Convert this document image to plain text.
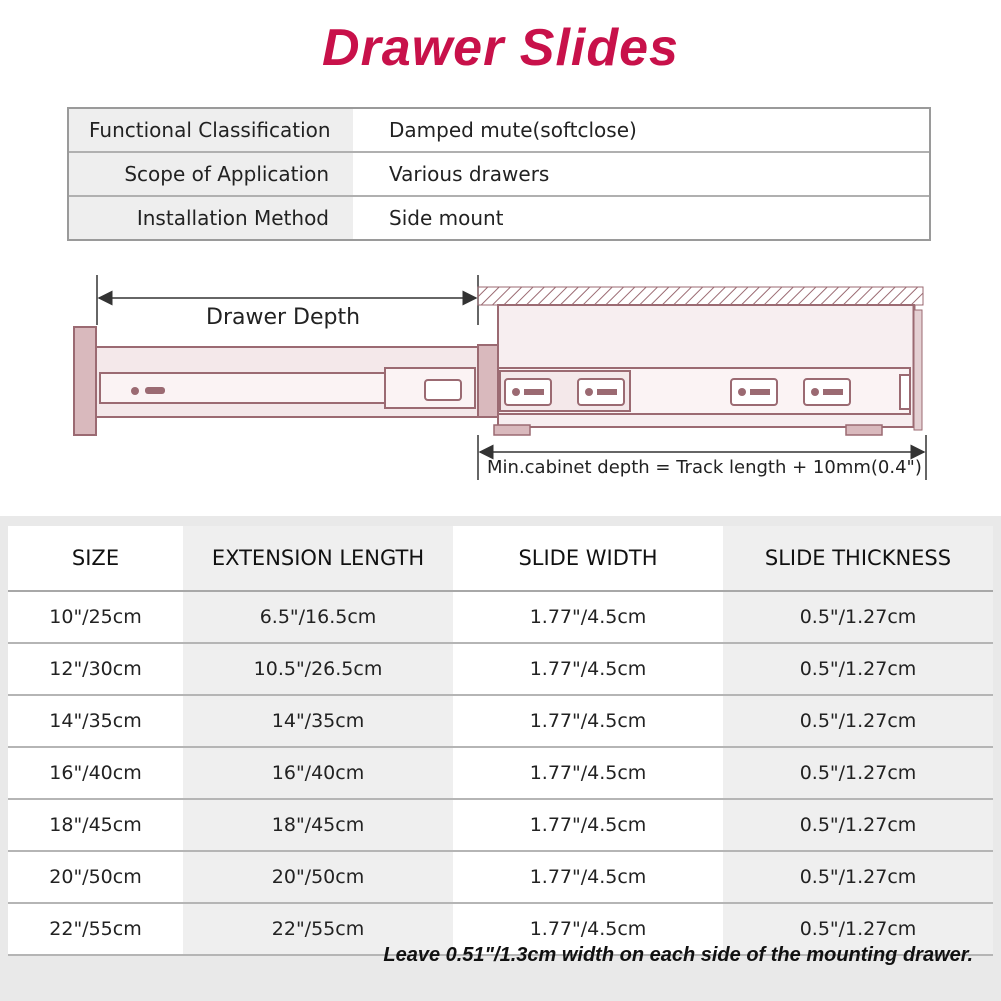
Drawer Slides
Functional Classification	Damped mute(softclose)
Scope of Application	Various drawers
Installation Method	Side mount
Drawer Depth
Min.cabinet depth = Track length + 10mm(0.4")
SIZE	EXTENSION LENGTH	SLIDE WIDTH	SLIDE THICKNESS
10"/25cm	6.5"/16.5cm	1.77"/4.5cm	0.5"/1.27cm
12"/30cm	10.5"/26.5cm	1.77"/4.5cm	0.5"/1.27cm
14"/35cm	14"/35cm	1.77"/4.5cm	0.5"/1.27cm
16"/40cm	16"/40cm	1.77"/4.5cm	0.5"/1.27cm
18"/45cm	18"/45cm	1.77"/4.5cm	0.5"/1.27cm
20"/50cm	20"/50cm	1.77"/4.5cm	0.5"/1.27cm
22"/55cm	22"/55cm	1.77"/4.5cm	0.5"/1.27cm
Leave 0.51"/1.3cm width on each side of the mounting drawer.
